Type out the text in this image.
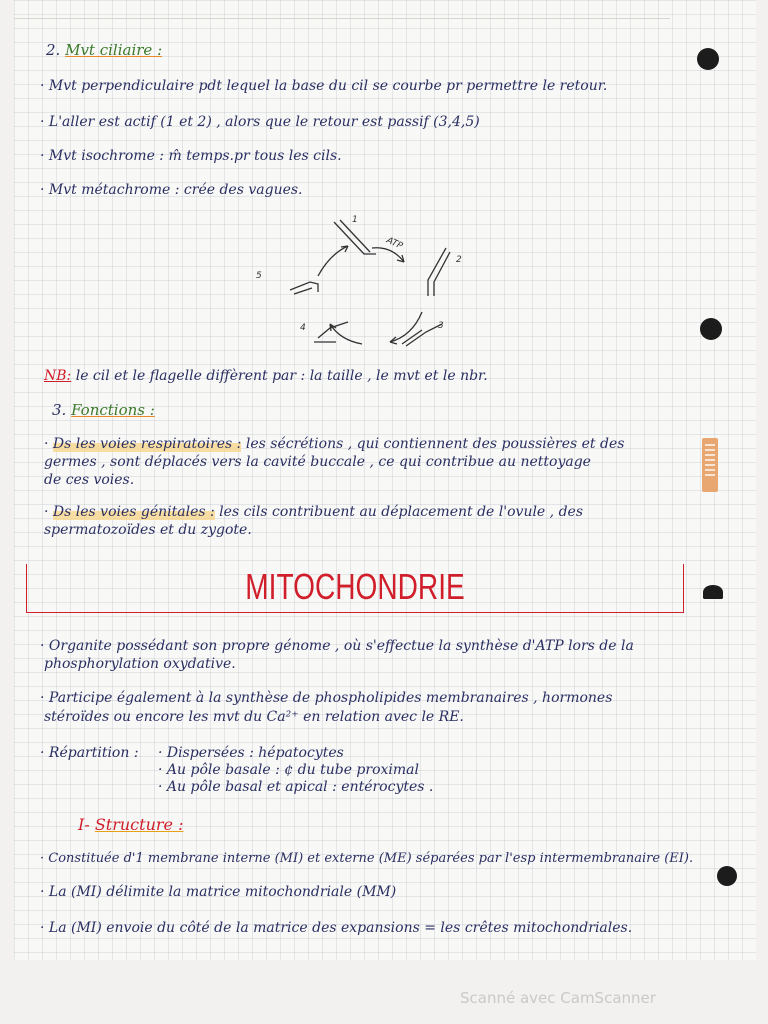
2. Mvt ciliaire :
· Mvt perpendiculaire pdt lequel la base du cil se courbe pr permettre le retour.
· L'aller est actif (1 et 2) , alors que le retour est passif (3,4,5)
· Mvt isochrome : m̂ temps.pr tous les cils.
· Mvt métachrome : crée des vagues.
1
2
3
4
5
ATP
NB: le cil et le flagelle diffèrent par : la taille , le mvt et le nbr.
3. Fonctions :
· Ds les voies respiratoires : les sécrétions , qui contiennent des poussières et des
germes , sont déplacés vers la cavité buccale , ce qui contribue au nettoyage
de ces voies.
· Ds les voies génitales : les cils contribuent au déplacement de l'ovule , des
spermatozoïdes et du zygote.
MITOCHONDRIE
· Organite possédant son propre génome , où s'effectue la synthèse d'ATP lors de la
phosphorylation oxydative.
· Participe également à la synthèse de phospholipides membranaires , hormones
stéroïdes ou encore les mvt du Ca²⁺ en relation avec le RE.
· Répartition : · Dispersées : hépatocytes
· Au pôle basale : ¢ du tube proximal
· Au pôle basal et apical : entérocytes .
I- Structure :
· Constituée d'1 membrane interne (MI) et externe (ME) séparées par l'esp intermembranaire (EI).
· La (MI) délimite la matrice mitochondriale (MM)
· La (MI) envoie du côté de la matrice des expansions = les crêtes mitochondriales.
Scanné avec CamScanner
